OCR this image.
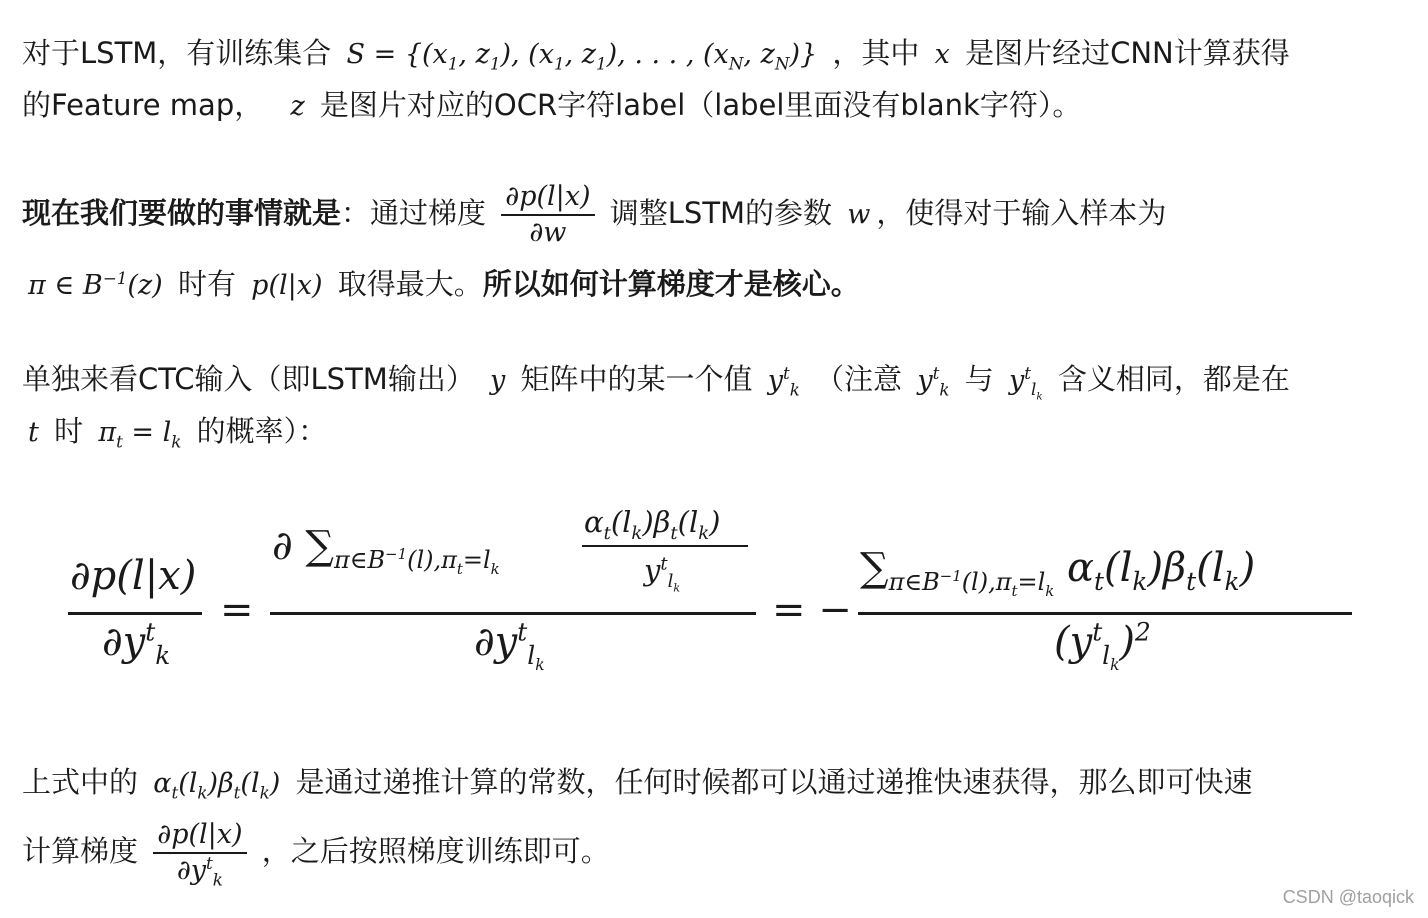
对于LSTM，有训练集合 $S = \{(x_1$, $z_1$), ($x_1$, $z_1$), . . . , ($x_N$, $z_N$)} ，其中 x 是图片经过CNN计算获得
的Feature map， z 是图片对应的OCR字符label（label里面没有blank字符）。
现在我们要做的事情就是：通过梯度 $\frac{\partial p(l|x)}{\partial w}$ 调整LSTM的参数 w ，使得对于输入样本为
π ∈ $B^{-1}(z)$ 时有 p(l|x) 取得最大。所以如何计算梯度才是核心。
单独来看CTC输入（即LSTM输出） y 矩阵中的某一个值 $y^t_k$ （注意 $y^t_k$ 与 $y^t_{l_k}$ 含义相同，都是在
t 时 $\pi_t = l_k$ 的概率）：
∂p(l|x)
$\partial y^t_k$
=
∂ $\sum_{\pi\in B^{-1}(l),\pi_t=l_k}$
$\alpha_t(l_k)\beta_t(l_k)$
$y^t_{l_k}$
$\partial y^t_{l_k}$
= −
$\sum_{\pi\in B^{-1}(l),\pi_t=l_k}$ $\alpha_t(l_k)\beta_t(l_k)$
$(y^t_{l_k})^2$
上式中的 $\alpha_t(l_k)\beta_t(l_k)$ 是通过递推计算的常数，任何时候都可以通过递推快速获得，那么即可快速
计算梯度 $\frac{\partial p(l|x)}{\partial y^t_k}$ ，之后按照梯度训练即可。
CSDN @taoqick
